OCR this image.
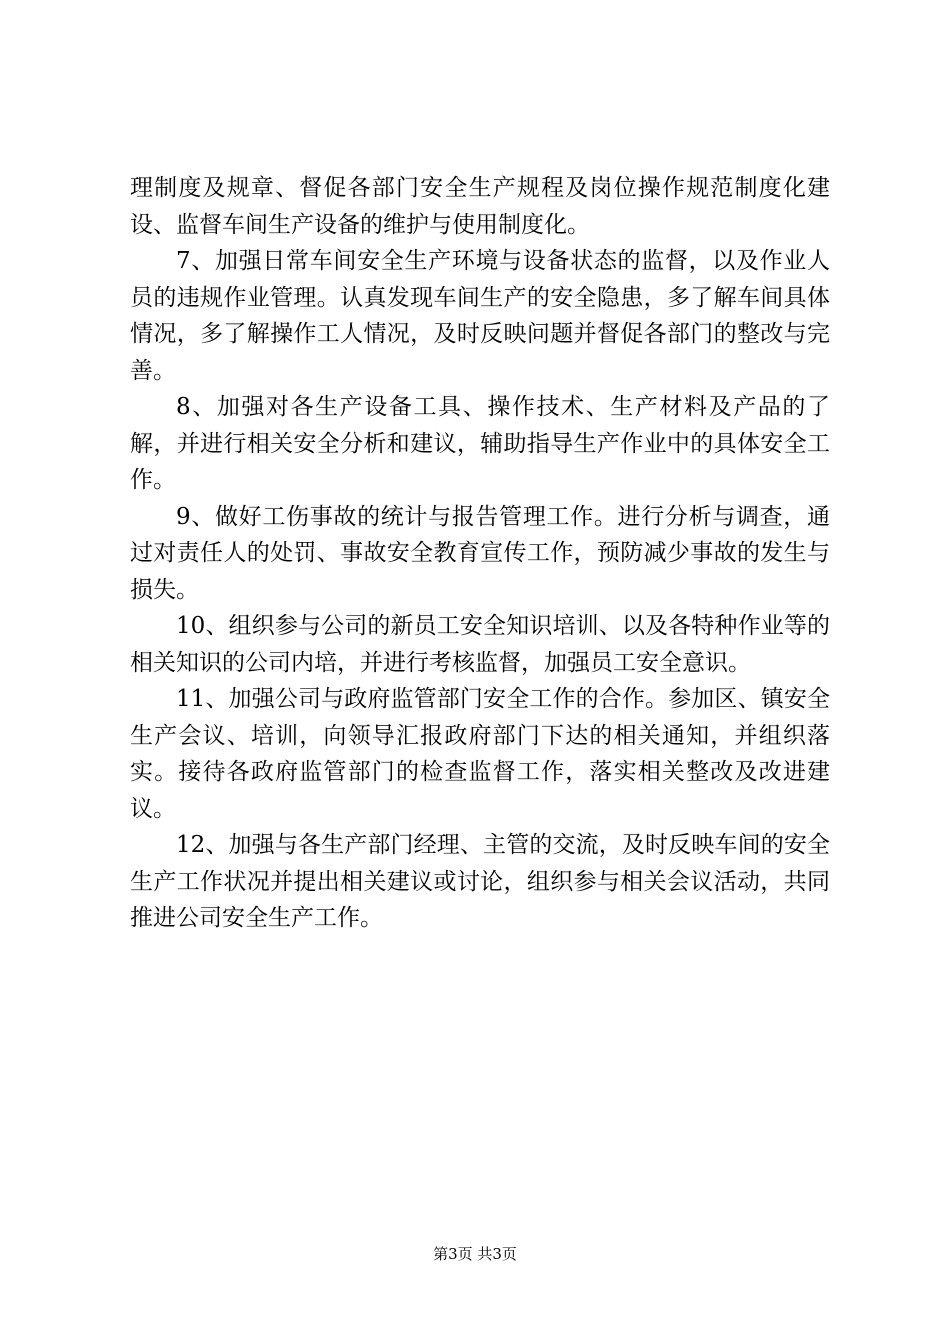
理制度及规章、督促各部门安全生产规程及岗位操作规范制度化建设、监督车间生产设备的维护与使用制度化。

7、加强日常车间安全生产环境与设备状态的监督，以及作业人员的违规作业管理。认真发现车间生产的安全隐患，多了解车间具体情况，多了解操作工人情况，及时反映问题并督促各部门的整改与完善。

8、加强对各生产设备工具、操作技术、生产材料及产品的了解，并进行相关安全分析和建议，辅助指导生产作业中的具体安全工作。

9、做好工伤事故的统计与报告管理工作。进行分析与调查，通过对责任人的处罚、事故安全教育宣传工作，预防减少事故的发生与损失。

10、组织参与公司的新员工安全知识培训、以及各特种作业等的相关知识的公司内培，并进行考核监督，加强员工安全意识。

11、加强公司与政府监管部门安全工作的合作。参加区、镇安全生产会议、培训，向领导汇报政府部门下达的相关通知，并组织落实。接待各政府监管部门的检查监督工作，落实相关整改及改进建议。

12、加强与各生产部门经理、主管的交流，及时反映车间的安全生产工作状况并提出相关建议或讨论，组织参与相关会议活动，共同推进公司安全生产工作。

第3页 共3页
